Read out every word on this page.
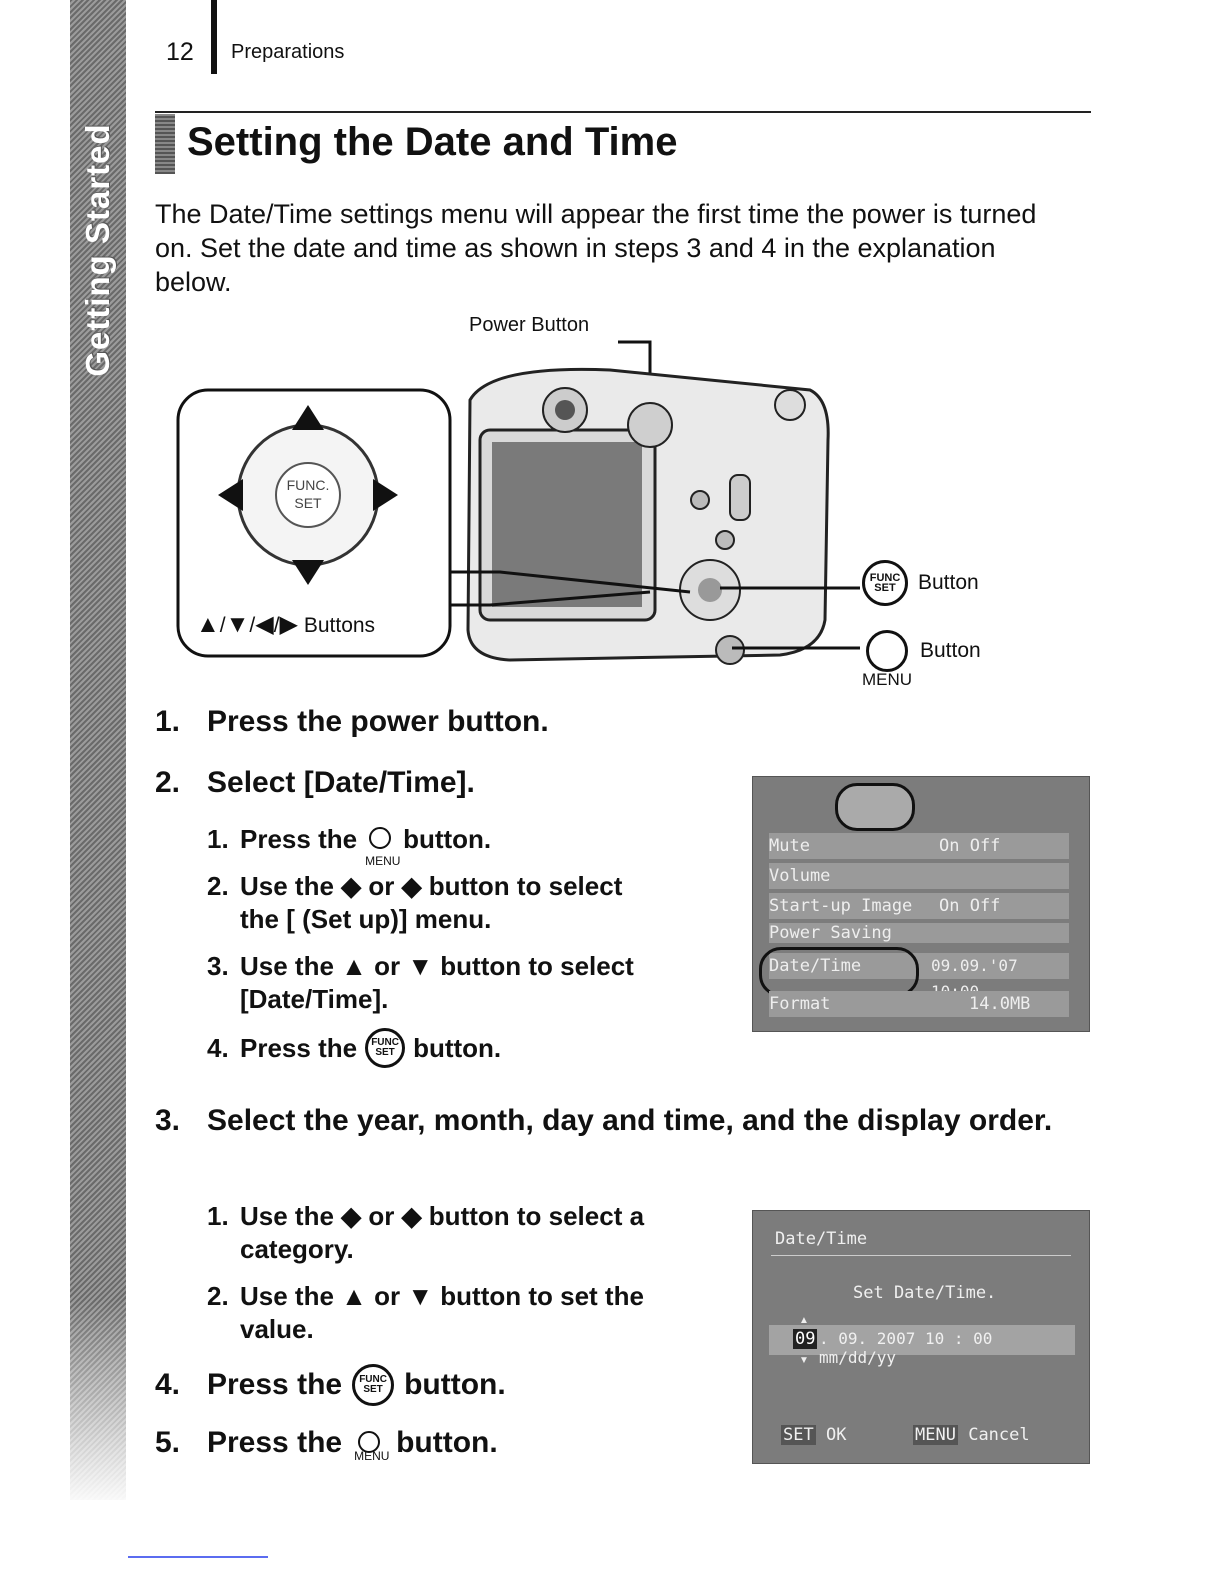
Getting Started
12 Preparations
Setting the Date and Time
The Date/Time settings menu will appear the first time the power is turned on. Set the date and time as shown in steps 3 and 4 in the explanation below.
Power Button
FUNC.
SET
▲/▼/◀/▶ Buttons
FUNC
SET	Button
Button
MENU
1. Press the power button.
2. Select [Date/Time].
1. Press the
MENU
button.
2. Use the ◆ or ◆ button to select
the [ (Set up)] menu.
3. Use the ▲ or ▼ button to select
[Date/Time].
4. Press the	FUNC
SET button.
Mute	On Off
Volume
Start-up Image On Off
Power Saving
Date/Time	09.09.'07
Format	14.0MB
3. Select the year, month, day and time, and the display order.
1. Use the ◆ or ◆ button to select a
category.
2. Use the ▲ or ▼ button to set the
value.
4. Press the	FUNC
SET button.
5. Press the MENU button.
Date/Time
Set Date/Time.
09 . 09. 2007 10 : 00 mm/dd/yy
▲
▼
SET OK	MENU Cancel
